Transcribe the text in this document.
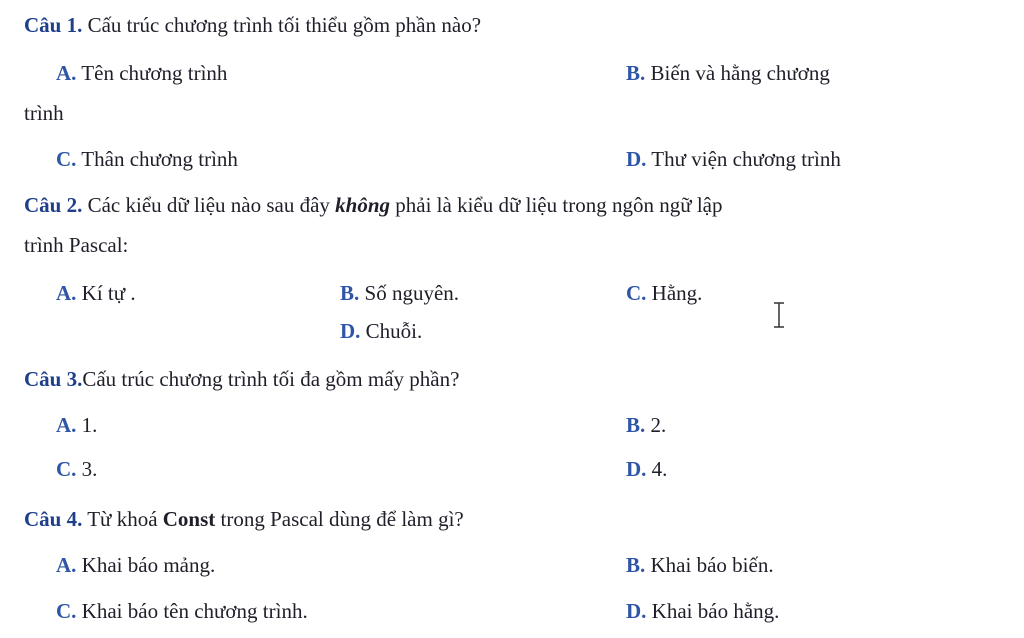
Câu 1. Cấu trúc chương trình tối thiểu gồm phần nào?
A. Tên chương trình	B. Biến và hằng chương
trình
C. Thân chương trình	D. Thư viện chương trình
Câu 2. Các kiểu dữ liệu nào sau đây không phải là kiểu dữ liệu trong ngôn ngữ lập
trình Pascal:
A. Kí tự .	B. Số nguyên.	C. Hằng.
D. Chuỗi.
Câu 3.Cấu trúc chương trình tối đa gồm mấy phần?
A. 1.	B. 2.
C. 3.	D. 4.
Câu 4. Từ khoá Const trong Pascal dùng để làm gì?
A. Khai báo mảng.	B. Khai báo biến.
C. Khai báo tên chương trình.	D. Khai báo hằng.
